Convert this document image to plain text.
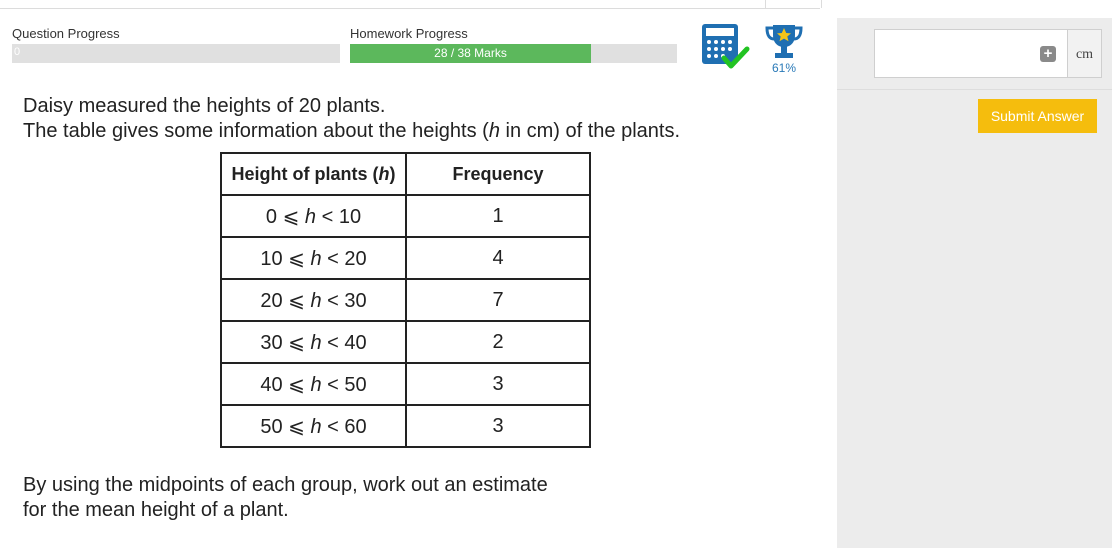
Question Progress
0
Homework Progress
28 / 38 Marks
61%
Daisy measured the heights of 20 plants.
The table gives some information about the heights (h in cm) of the plants.
Height of plants (h)	Frequency
0 ⩽ h < 10	1
10 ⩽ h < 20	4
20 ⩽ h < 30	7
30 ⩽ h < 40	2
40 ⩽ h < 50	3
50 ⩽ h < 60	3
By using the midpoints of each group, work out an estimate
for the mean height of a plant.
+	cm
Submit Answer
